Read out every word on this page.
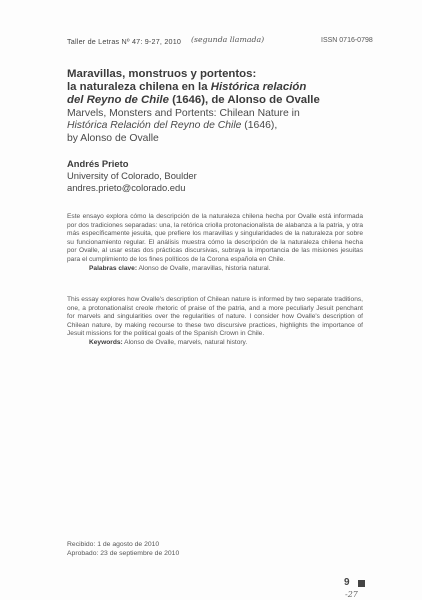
Taller de Letras Nº 47: 9-27, 2010 (segunda llamada)	ISSN 0716-0798
Maravillas, monstruos y portentos:
la naturaleza chilena en la Histórica relación
del Reyno de Chile (1646), de Alonso de Ovalle
Marvels, Monsters and Portents: Chilean Nature in
Histórica Relación del Reyno de Chile (1646),
by Alonso de Ovalle
Andrés Prieto
University of Colorado, Boulder
andres.prieto@colorado.edu

Este ensayo explora cómo la descripción de la naturaleza chilena hecha por Ovalle está informada por dos tradiciones separadas: una, la retórica criolla protonacionalista de alabanza a la patria, y otra más específicamente jesuita, que prefiere los maravillas y singularidades de la naturaleza por sobre su funcionamiento regular. El análisis muestra cómo la descripción de la naturaleza chilena hecha por Ovalle, al usar estas dos prácticas discursivas, subraya la importancia de las misiones jesuitas para el cumplimiento de los fines políticos de la Corona española en Chile.

Palabras clave: Alonso de Ovalle, maravillas, historia natural.

This essay explores how Ovalle's description of Chilean nature is informed by two separate traditions, one, a protonationalist creole rhetoric of praise of the patria, and a more peculiarly Jesuit penchant for marvels and singularities over the regularities of nature. I consider how Ovalle's description of Chilean nature, by making recourse to these two discursive practices, highlights the importance of Jesuit missions for the political goals of the Spanish Crown in Chile.

Keywords: Alonso de Ovalle, marvels, natural history.
Recibido: 1 de agosto de 2010
Aprobado: 23 de septiembre de 2010
9
-27
